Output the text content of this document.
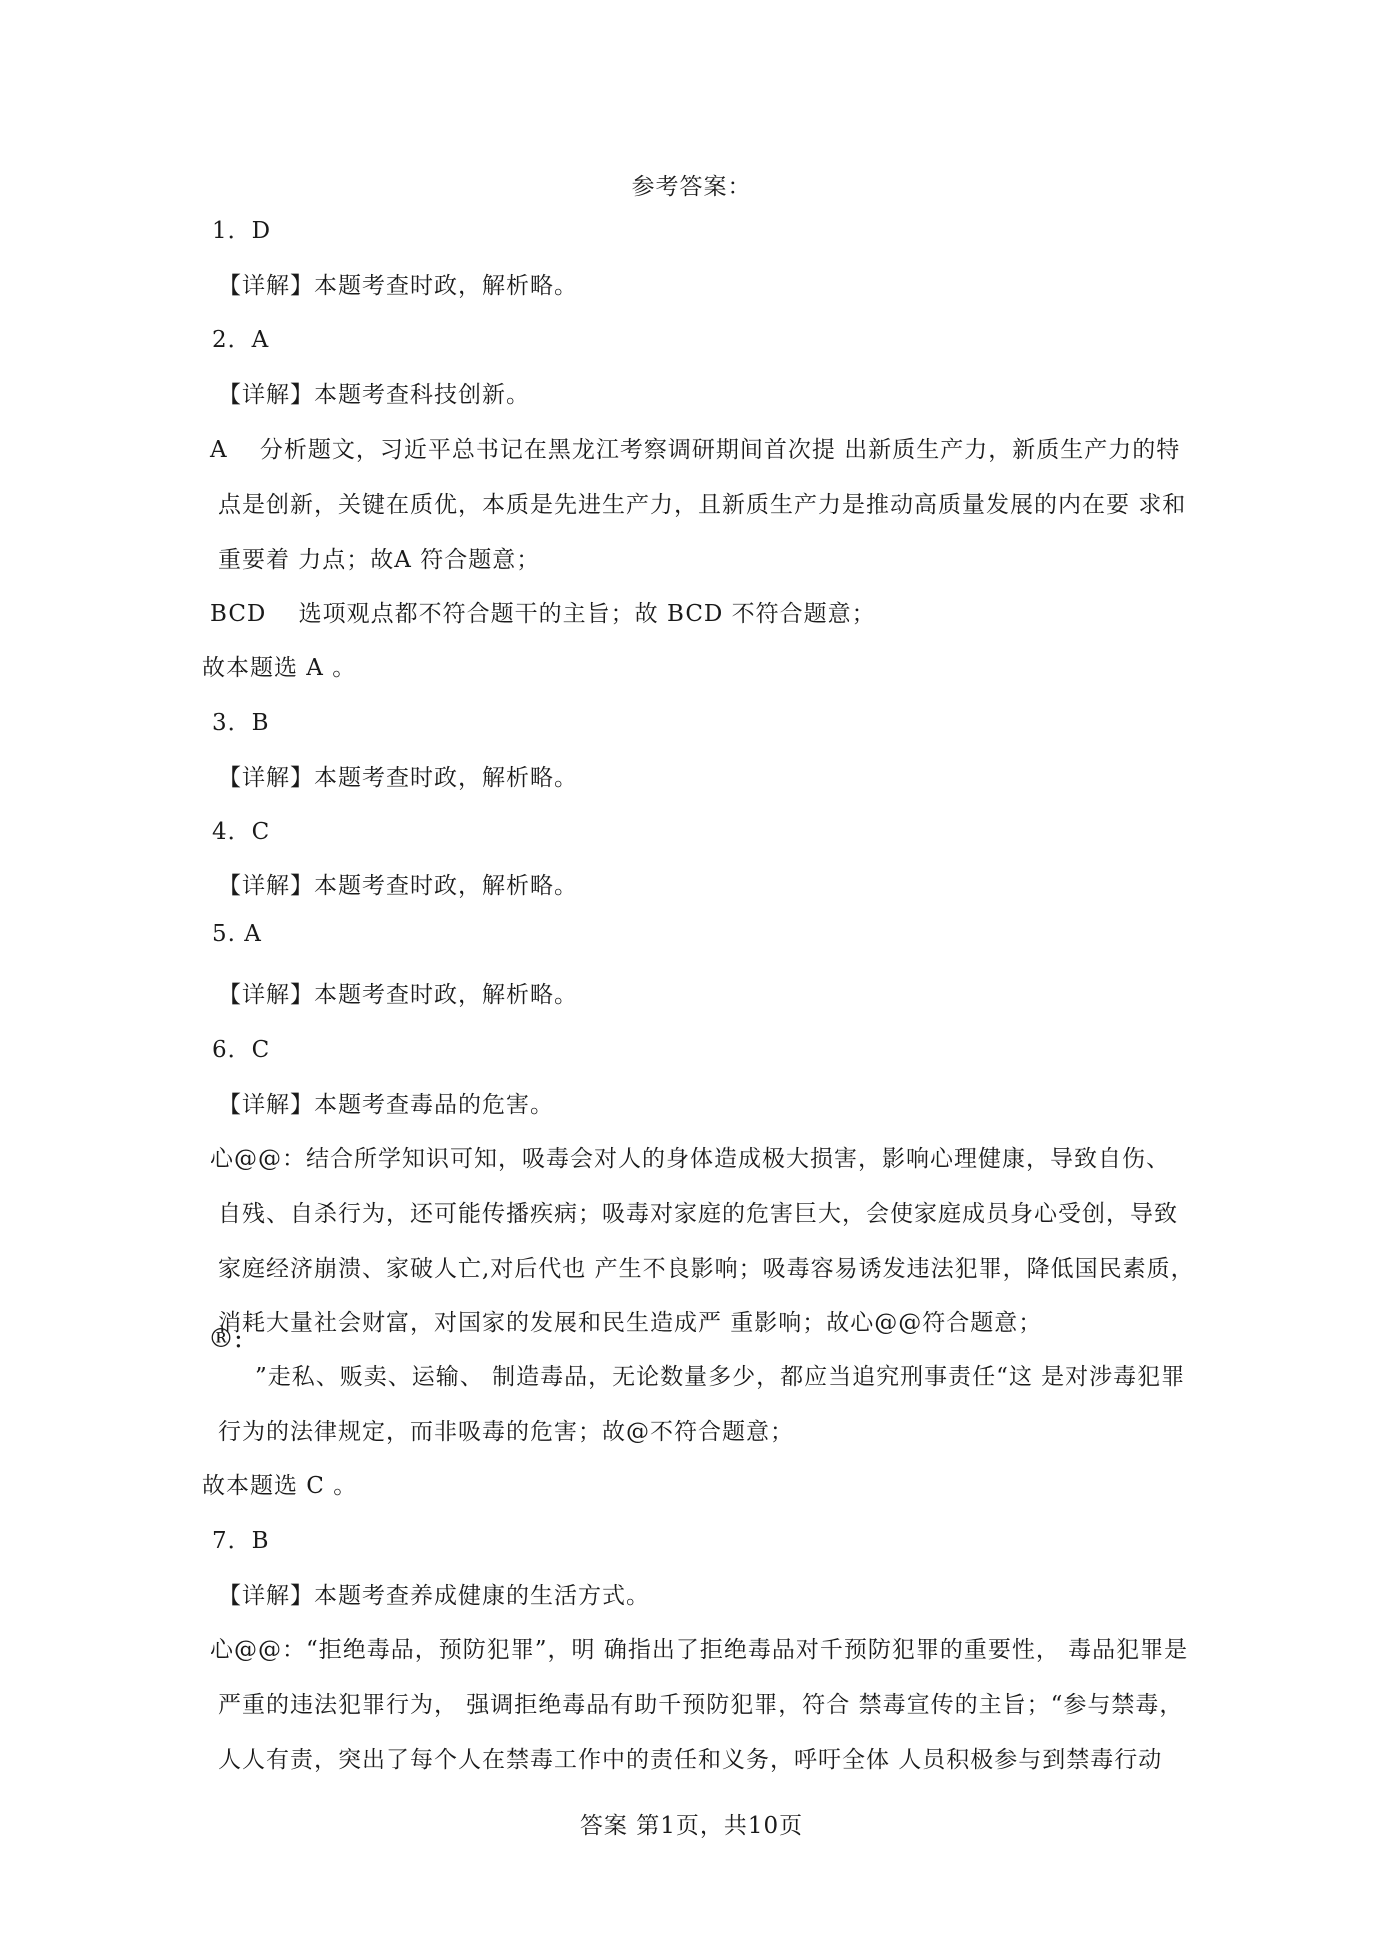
参考答案：
1．D
【详解】本题考查时政，解析略。
2．A
【详解】本题考查科技创新。
A　 分析题文，习近平总书记在黑龙江考察调研期间首次提 出新质生产力，新质生产力的特
点是创新，关键在质优，本质是先进生产力，且新质生产力是推动高质量发展的内在要 求和
重要着 力点；故A 符合题意；
BCD　 选项观点都不符合题干的主旨；故 BCD 不符合题意；
故本题选 A 。
3．B
【详解】本题考查时政，解析略。
4．C
【详解】本题考查时政，解析略。
5. A
【详解】本题考查时政，解析略。
6．C
【详解】本题考查毒品的危害。
心@@：结合所学知识可知，吸毒会对人的身体造成极大损害，影响心理健康，导致自伤、
自残、自杀行为，还可能传播疾病；吸毒对家庭的危害巨大，会使家庭成员身心受创，导致
家庭经济崩溃、家破人亡,对后代也 产生不良影响；吸毒容易诱发违法犯罪，降低国民素质，
消耗大量社会财富，对国家的发展和民生造成严 重影响；故心@@符合题意；
®:
”走私、贩卖、运输、 制造毒品，无论数量多少，都应当追究刑事责任“这 是对涉毒犯罪
行为的法律规定，而非吸毒的危害；故@不符合题意；
故本题选 C 。
7．B
【详解】本题考查养成健康的生活方式。
心@@：“拒绝毒品，预防犯罪”，明 确指出了拒绝毒品对千预防犯罪的重要性， 毒品犯罪是
严重的违法犯罪行为， 强调拒绝毒品有助千预防犯罪，符合 禁毒宣传的主旨；“参与禁毒，
人人有责，突出了每个人在禁毒工作中的责任和义务，呼吁全体 人员积极参与到禁毒行动
答案 第1页，共10页
